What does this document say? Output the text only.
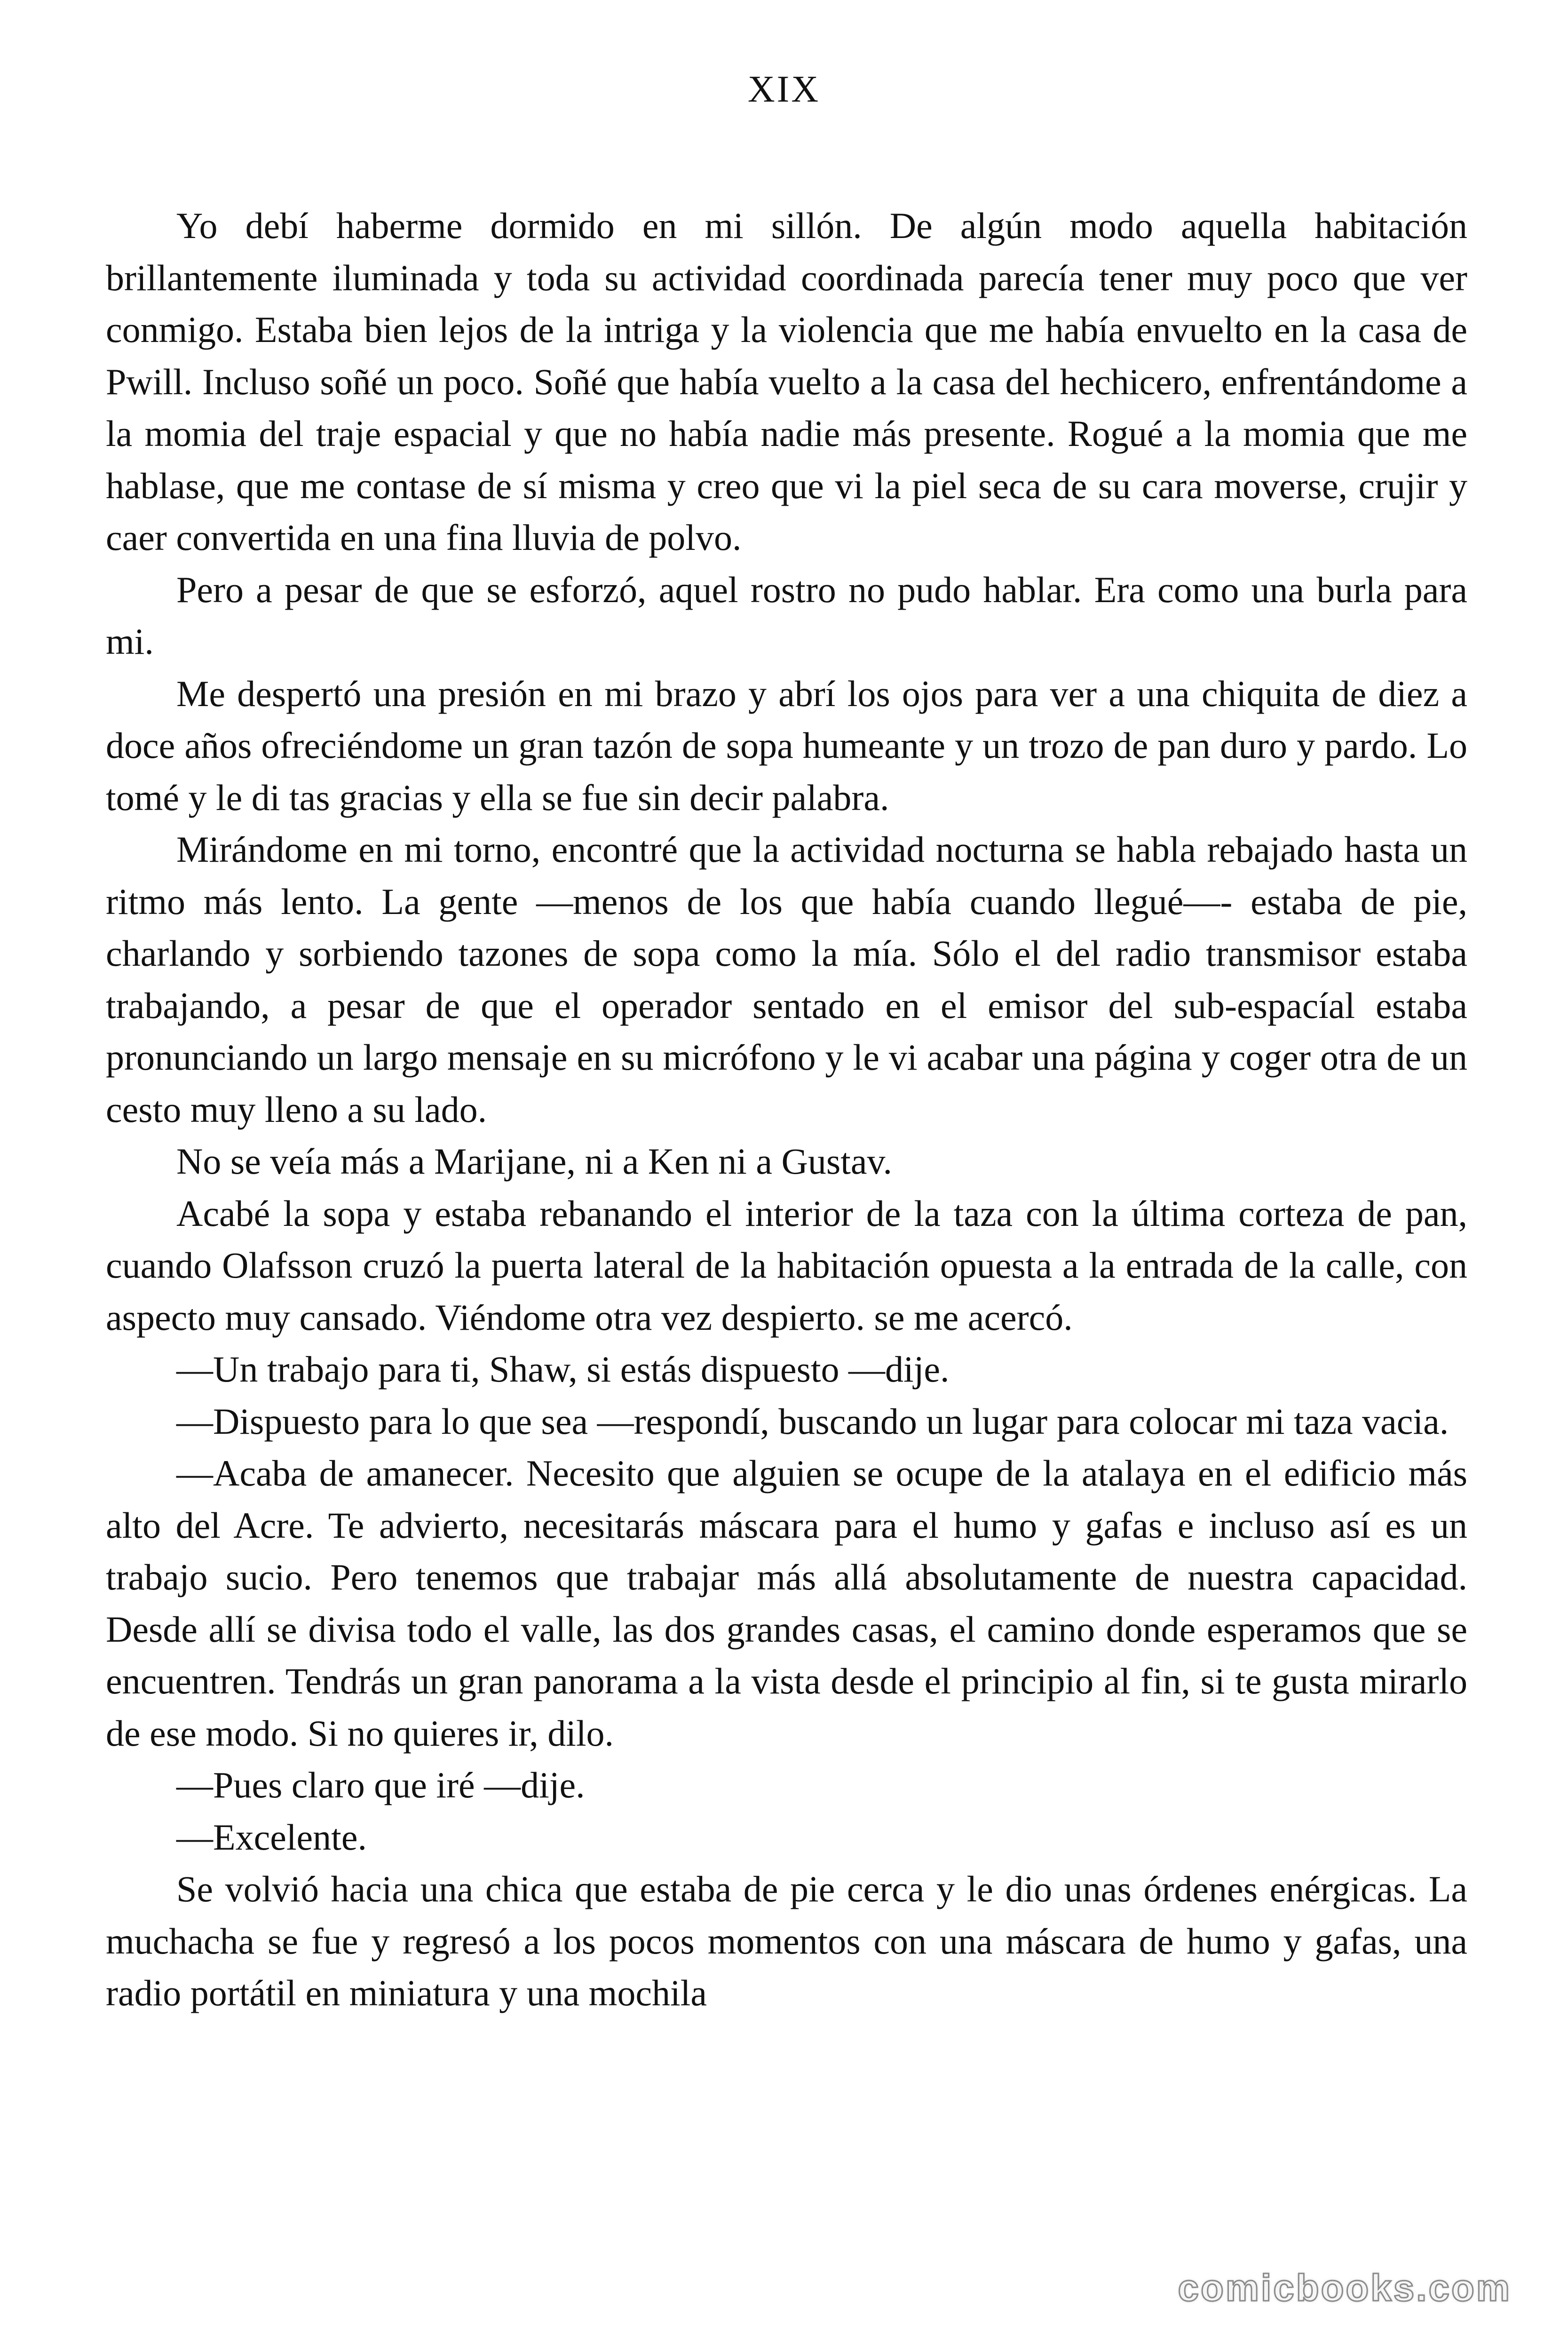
XIX

Yo debí haberme dormido en mi sillón. De algún modo aquella habitación brillantemente iluminada y toda su actividad coordinada parecía tener muy poco que ver conmigo. Estaba bien lejos de la intriga y la violencia que me había envuelto en la casa de Pwill. Incluso soñé un poco. Soñé que había vuelto a la casa del hechicero, enfrentándome a la momia del traje espacial y que no había nadie más presente. Rogué a la momia que me hablase, que me contase de sí misma y creo que vi la piel seca de su cara moverse, crujir y caer convertida en una fina lluvia de polvo.

Pero a pesar de que se esforzó, aquel rostro no pudo hablar. Era como una burla para mi.

Me despertó una presión en mi brazo y abrí los ojos para ver a una chiquita de diez a doce años ofreciéndome un gran tazón de sopa humeante y un trozo de pan duro y pardo. Lo tomé y le di tas gracias y ella se fue sin decir palabra.

Mirándome en mi torno, encontré que la actividad nocturna se habla rebajado hasta un ritmo más lento. La gente —menos de los que había cuando llegué—- estaba de pie, charlando y sorbiendo tazones de sopa como la mía. Sólo el del radio transmisor estaba trabajando, a pesar de que el operador sentado en el emisor del sub-espacíal estaba pronunciando un largo mensaje en su micrófono y le vi acabar una página y coger otra de un cesto muy lleno a su lado.

No se veía más a Marijane, ni a Ken ni a Gustav.

Acabé la sopa y estaba rebanando el interior de la taza con la última corteza de pan, cuando Olafsson cruzó la puerta lateral de la habitación opuesta a la entrada de la calle, con aspecto muy cansado. Viéndome otra vez despierto. se me acercó.

—Un trabajo para ti, Shaw, si estás dispuesto —dije.

—Dispuesto para lo que sea —respondí, buscando un lugar para colocar mi taza vacia.

—Acaba de amanecer. Necesito que alguien se ocupe de la atalaya en el edificio más alto del Acre. Te advierto, necesitarás máscara para el humo y gafas e incluso así es un trabajo sucio. Pero tenemos que trabajar más allá absolutamente de nuestra capacidad. Desde allí se divisa todo el valle, las dos grandes casas, el camino donde esperamos que se encuentren. Tendrás un gran panorama a la vista desde el principio al fin, si te gusta mirarlo de ese modo. Si no quieres ir, dilo.

—Pues claro que iré —dije.

—Excelente.

Se volvió hacia una chica que estaba de pie cerca y le dio unas órdenes enérgicas. La muchacha se fue y regresó a los pocos momentos con una máscara de humo y gafas, una radio portátil en miniatura y una mochila

comicbooks.com
